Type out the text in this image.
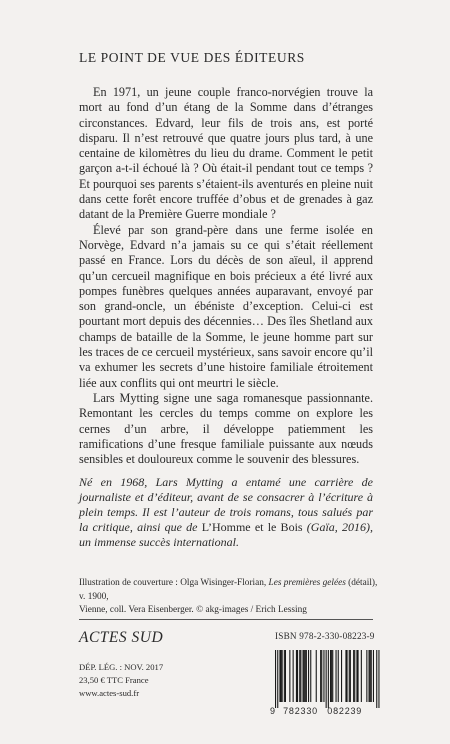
LE POINT DE VUE DES ÉDITEURS

En 1971, un jeune couple franco-norvégien trouve la mort au fond d’un étang de la Somme dans d’étranges circonstances. Edvard, leur fils de trois ans, est porté disparu. Il n’est retrouvé que quatre jours plus tard, à une centaine de kilomètres du lieu du drame. Comment le petit garçon a-t-il échoué là ? Où était-il pendant tout ce temps ? Et pourquoi ses parents s’étaient-ils aventurés en pleine nuit dans cette forêt encore truffée d’obus et de grenades à gaz datant de la Première Guerre mondiale ?

Élevé par son grand-père dans une ferme isolée en Norvège, Edvard n’a jamais su ce qui s’était réellement passé en France. Lors du décès de son aïeul, il apprend qu’un cercueil magnifique en bois précieux a été livré aux pompes funèbres quelques années auparavant, envoyé par son grand-oncle, un ébéniste d’exception. Celui-ci est pourtant mort depuis des décennies… Des îles Shetland aux champs de bataille de la Somme, le jeune homme part sur les traces de ce cercueil mystérieux, sans savoir encore qu’il va exhumer les secrets d’une histoire familiale étroitement liée aux conflits qui ont meurtri le siècle.

Lars Mytting signe une saga romanesque passionnante. Remontant les cercles du temps comme on explore les cernes d’un arbre, il développe patiemment les ramifications d’une fresque familiale puissante aux nœuds sensibles et douloureux comme le souvenir des blessures.

Né en 1968, Lars Mytting a entamé une carrière de journaliste et d’éditeur, avant de se consacrer à l’écriture à plein temps. Il est l’auteur de trois romans, tous salués par la critique, ainsi que de L’Homme et le Bois (Gaïa, 2016), un immense succès international.
Illustration de couverture : Olga Wisinger-Florian, Les premières gelées (détail), v. 1900,
Vienne, coll. Vera Eisenberger. © akg-images / Erich Lessing
ACTES SUD	ISBN 978-2-330-08223-9
DÉP. LÉG. : NOV. 2017
23,50 € TTC France
www.actes-sud.fr
9 782330 082239
